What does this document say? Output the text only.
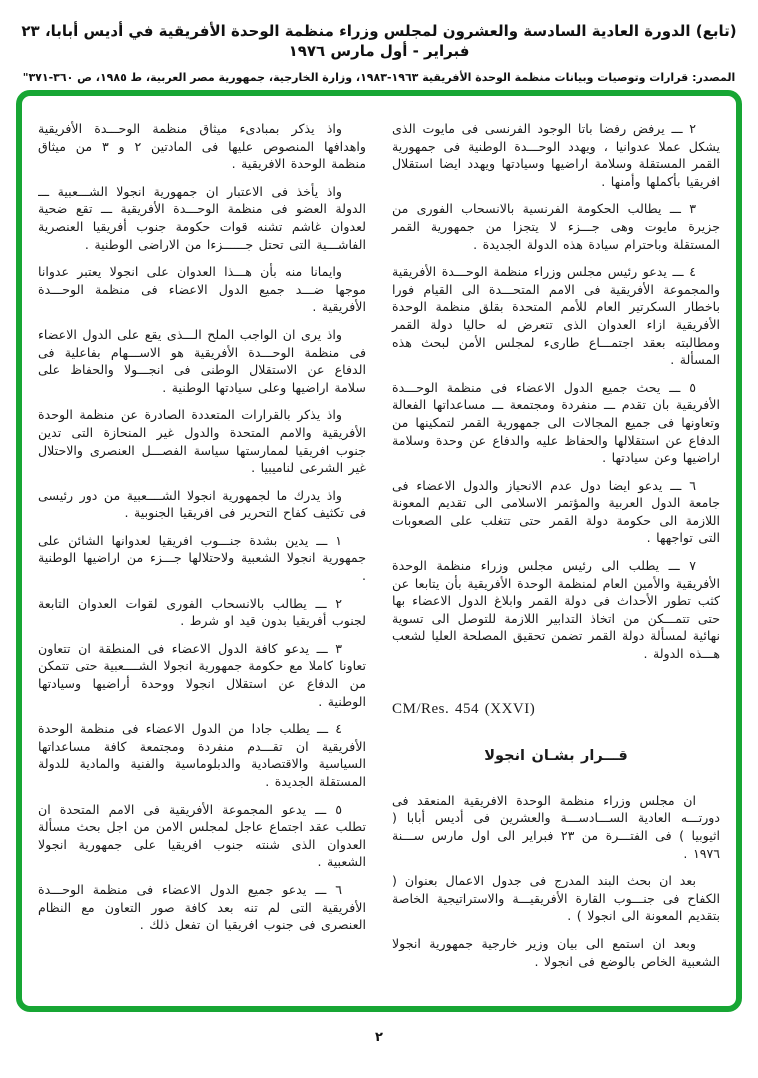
(تابع) الدورة العادية السادسة والعشرون لمجلس وزراء منظمة الوحدة الأفريقية في أديس أبابا، ٢٣ فبراير - أول مارس ١٩٧٦
المصدر: قرارات وتوصيات وبيانات منظمة الوحدة الأفريقية ١٩٦٣-١٩٨٣، وزارة الخارجية، جمهورية مصر العربية، ط ١٩٨٥، ص ٣٦٠-٣٧١"

٢ ـــ يرفض رفضا باتا الوجود الفرنسى فى مايوت الذى يشكل عملا عدوانيا ، ويهدد الوحـــدة الوطنية فى جمهورية القمر المستقلة وسلامة اراضيها وسيادتها ويهدد ايضا استقلال افريقيا بأكملها وأمنها .

٣ ـــ يطالب الحكومة الفرنسية بالانسحاب الفورى من جزيرة مايوت وهى جـــزء لا يتجزا من جمهورية القمر المستقلة وباحترام سيادة هذه الدولة الجديدة .

٤ ـــ يدعو رئيس مجلس وزراء منظمة الوحـــدة الأفريقية والمجموعة الأفريقية فى الامم المتحـــدة الى القيام فورا باخطار السكرتير العام للأمم المتحدة بقلق منظمة الوحدة الأفريقية ازاء العدوان الذى تتعرض له حاليا دولة القمر ومطالبته بعقد اجتمـــاع طارىء لمجلس الأمن لبحث هذه المسألة .

٥ ـــ يحث جميع الدول الاعضاء فى منظمة الوحـــدة الأفريقية بان تقدم ـــ منفردة ومجتمعة ـــ مساعداتها الفعالة وتعاونها فى جميع المجالات الى جمهورية القمر لتمكينها من الدفاع عن استقلالها والحفاظ عليه والدفاع عن وحدة وسلامة اراضيها وعن سيادتها .

٦ ـــ يدعو ايضا دول عدم الانحياز والدول الاعضاء فى جامعة الدول العربية والمؤتمر الاسلامى الى تقديم المعونة اللازمة الى حكومة دولة القمر حتى تتغلب على الصعوبات التى تواجهها .

٧ ـــ يطلب الى رئيس مجلس وزراء منظمة الوحدة الأفريقية والأمين العام لمنظمة الوحدة الأفريقية بأن يتابعا عن كثب تطور الأحداث فى دولة القمر وابلاغ الدول الاعضاء بها حتى تتمـــكن من اتخاذ التدابير اللازمة للتوصل الى تسوية نهائية لمسألة دولة القمر تضمن تحقيق المصلحة العليا لشعب هـــذه الدولة .

CM/Res. 454 (XXVI)

قـــرار بشـان انجولا

ان مجلس وزراء منظمة الوحدة الافريقية المنعقد فى دورتـــه العادية الســـادســـة والعشرين فى أديس أبابا ( اثيوبيا ) فى الفتـــرة من ٢٣ فبراير الى اول مارس ســـنة ١٩٧٦ .

بعد ان بحث البند المدرج فى جدول الاعمال بعنوان ( الكفاح فى جنـــوب القارة الأفريقيـــة والاستراتيجية الخاصة بتقديم المعونة الى انجولا ) .

وبعد ان استمع الى بيان وزير خارجية جمهورية انجولا الشعبية الخاص بالوضع فى انجولا .

واذ يذكر بمبادىء ميثاق منظمة الوحـــدة الأفريقية واهدافها المنصوص عليها فى المادتين ٢ و ٣ من ميثاق منظمة الوحدة الافريقية .

واذ يأخذ فى الاعتبار ان جمهورية انجولا الشـــعبية ـــ الدولة العضو فى منظمة الوحـــدة الأفريقية ـــ تقع ضحية لعدوان غاشم تشنه قوات حكومة جنوب أفريقيا العنصرية الفاشـــية التى تحتل جــــــزءا من الاراضى الوطنية .

وايمانا منه بأن هـــذا العدوان على انجولا يعتبر عدوانا موجها ضـــد جميع الدول الاعضاء فى منظمة الوحـــدة الأفريقية .

واذ يرى ان الواجب الملح الـــذى يقع على الدول الاعضاء فى منظمة الوحـــدة الأفريقية هو الاســـهام بفاعلية فى الدفاع عن الاستقلال الوطنى فى انجـــولا والحفاظ على سلامة اراضيها وعلى سيادتها الوطنية .

واذ يذكر بالقرارات المتعددة الصادرة عن منظمة الوحدة الأفريقية والامم المتحدة والدول غير المنحازة التى تدين جنوب افريقيا لممارستها سياسة الفصـــل العنصرى والاحتلال غير الشرعى لناميبيا .

واذ يدرك ما لجمهورية انجولا الشــــعبية من دور رئيسى فى تكثيف كفاح التحرير فى افريقيا الجنوبية .

١ ـــ يدين بشدة جنـــوب افريقيا لعدوانها الشائن على جمهورية انجولا الشعبية ولاحتلالها جـــزء من اراضيها الوطنية .

٢ ـــ يطالب بالانسحاب الفورى لقوات العدوان التابعة لجنوب أفريقيا بدون قيد او شرط .

٣ ـــ يدعو كافة الدول الاعضاء فى المنطقة ان تتعاون تعاونا كاملا مع حكومة جمهورية انجولا الشــــعبية حتى تتمكن من الدفاع عن استقلال انجولا ووحدة أراضيها وسيادتها الوطنية .

٤ ـــ يطلب جادا من الدول الاعضاء فى منظمة الوحدة الأفريقية ان تقـــدم منفردة ومجتمعة كافة مساعداتها السياسية والاقتصادية والدبلوماسية والفنية والمادية للدولة المستقلة الجديدة .

٥ ـــ يدعو المجموعة الأفريقية فى الامم المتحدة ان تطلب عقد اجتماع عاجل لمجلس الامن من اجل بحث مسألة العدوان الذى شنته جنوب افريقيا على جمهورية انجولا الشعبية .

٦ ـــ يدعو جميع الدول الاعضاء فى منظمة الوحـــدة الأفريقية التى لم تنه بعد كافة صور التعاون مع النظام العنصرى فى جنوب افريقيا ان تفعل ذلك .

٢
